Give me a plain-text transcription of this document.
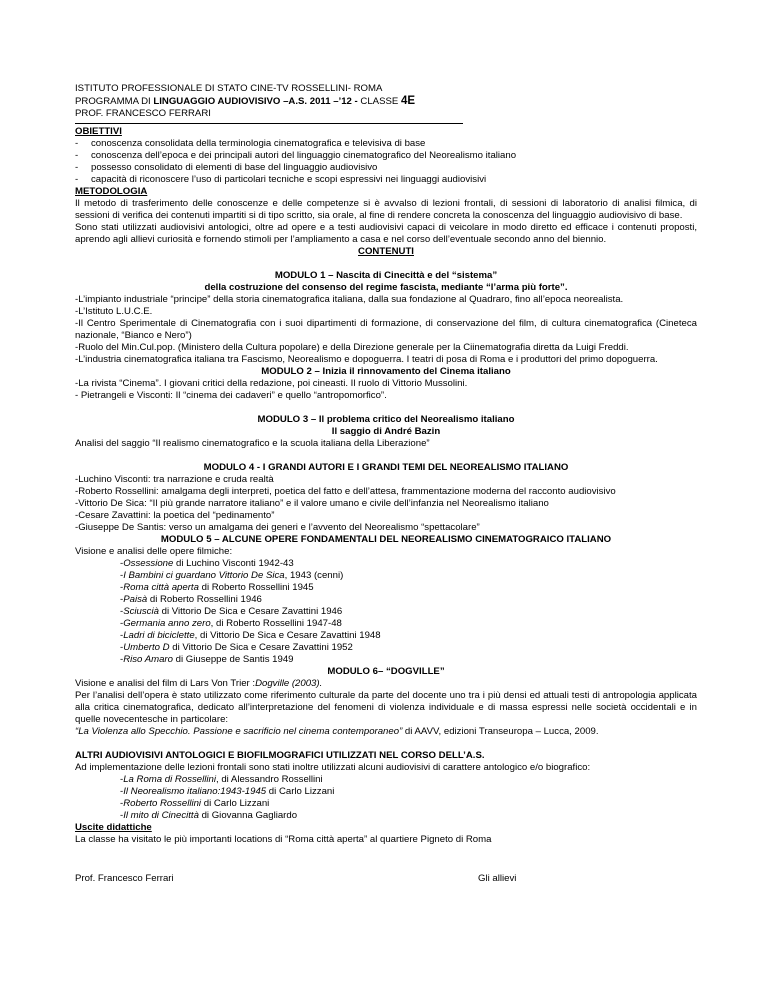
ISTITUTO PROFESSIONALE DI STATO CINE-TV ROSSELLINI- ROMA

PROGRAMMA DI LINGUAGGIO AUDIOVISIVO –A.S. 2011 –’12 - CLASSE 4E

PROF. FRANCESCO FERRARI

OBIETTIVI

-	conoscenza consolidata della terminologia cinematografica e televisiva di base
-	conoscenza dell’epoca e dei principali autori del linguaggio cinematografico del Neorealismo italiano
-	possesso consolidato di elementi di base del linguaggio audiovisivo
-	capacità di riconoscere l’uso di particolari tecniche e scopi espressivi nei linguaggi audiovisivi

METODOLOGIA

Il metodo di trasferimento delle conoscenze e delle competenze si è avvalso di lezioni frontali, di sessioni di laboratorio di analisi filmica, di sessioni di verifica dei contenuti impartiti si di tipo scritto, sia orale, al fine di rendere concreta la conoscenza del linguaggio audiovisivo di base.

Sono stati utilizzati audiovisivi antologici, oltre ad opere e a testi audiovisivi capaci di veicolare in modo diretto ed efficace i contenuti proposti, aprendo agli allievi curiosità e fornendo stimoli per l’ampliamento a casa e nel corso dell’eventuale secondo anno del biennio.

CONTENUTI

MODULO 1 – Nascita di Cinecittà e del “sistema”

della costruzione del consenso del regime fascista, mediante “l’arma più forte”.

-L’impianto industriale “principe” della storia cinematografica italiana, dalla sua fondazione al Quadraro, fino all’epoca neorealista.

-L’Istituto L.U.C.E.

-Il Centro Sperimentale di Cinematografia con i suoi dipartimenti di formazione, di conservazione del film, di cultura cinematografica (Cineteca nazionale, “Bianco e Nero”)

-Ruolo del Min.Cul.pop. (Ministero della Cultura popolare) e della Direzione generale per la Ciinematografia diretta da Luigi Freddi.

-L’industria cinematografica italiana tra Fascismo, Neorealismo e dopoguerra. I teatri di posa di Roma e i produttori del primo dopoguerra.

MODULO 2 – Inizia il rinnovamento del Cinema italiano

-La rivista “Cinema”. I giovani critici della redazione, poi cineasti. Il ruolo di Vittorio Mussolini.

- Pietrangeli e Visconti: Il “cinema dei cadaveri” e quello “antropomorfico”.

MODULO 3 – Il problema critico del Neorealismo italiano

Il saggio di André Bazin

Analisi del saggio “Il realismo cinematografico e la scuola italiana della Liberazione”

MODULO 4 - I GRANDI AUTORI E I GRANDI TEMI DEL NEOREALISMO ITALIANO

-Luchino Visconti: tra narrazione e cruda realtà

-Roberto Rossellini: amalgama degli interpreti, poetica del fatto e dell’attesa, frammentazione moderna del racconto audiovisivo

-Vittorio De Sica: “Il più grande narratore italiano” e il valore umano e civile dell’infanzia nel Neorealismo italiano

-Cesare Zavattini: la poetica del “pedinamento”

-Giuseppe De Santis: verso un amalgama dei generi e l’avvento del Neorealismo “spettacolare”

MODULO 5 – ALCUNE OPERE FONDAMENTALI DEL NEOREALISMO CINEMATOGRAICO ITALIANO

Visione e analisi delle opere filmiche:

-Ossessione di Luchino Visconti 1942-43

-I Bambini ci guardano Vittorio De Sica, 1943 (cenni)

-Roma città aperta di Roberto Rossellini 1945

-Paisà di Roberto Rossellini 1946

-Sciuscià di Vittorio De Sica e Cesare Zavattini 1946

-Germania anno zero, di Roberto Rossellini 1947-48

-Ladri di biciclette, di Vittorio De Sica e Cesare Zavattini 1948

-Umberto D di Vittorio De Sica e Cesare Zavattini 1952

-Riso Amaro di Giuseppe de Santis 1949

MODULO 6– “DOGVILLE”

Visione e analisi del film di Lars Von Trier :Dogville (2003).

Per l’analisi dell’opera è stato utilizzato come riferimento culturale da parte del docente uno tra i più densi ed attuali testi di antropologia applicata alla critica cinematografica, dedicato all’interpretazione del fenomeni di violenza individuale e di massa espressi nelle società occidentali e in quelle novecentesche in particolare:

“La Violenza allo Specchio. Passione e sacrificio nel cinema contemporaneo” di AAVV, edizioni Transeuropa – Lucca, 2009.

ALTRI AUDIOVISIVI ANTOLOGICI E BIOFILMOGRAFICI UTILIZZATI NEL CORSO DELL’A.S.

Ad implementazione delle lezioni frontali sono stati inoltre utilizzati alcuni audiovisivi di carattere antologico e/o biografico:

-La Roma di Rossellini, di Alessandro Rossellini

-Il Neorealismo italiano:1943-1945 di Carlo Lizzani

-Roberto Rossellini di Carlo Lizzani

-Il mito di Cinecittà di Giovanna Gagliardo

Uscite didattiche

La classe ha visitato le più importanti locations di “Roma città aperta” al quartiere Pigneto di Roma

Prof. Francesco Ferrari	Gli allievi
